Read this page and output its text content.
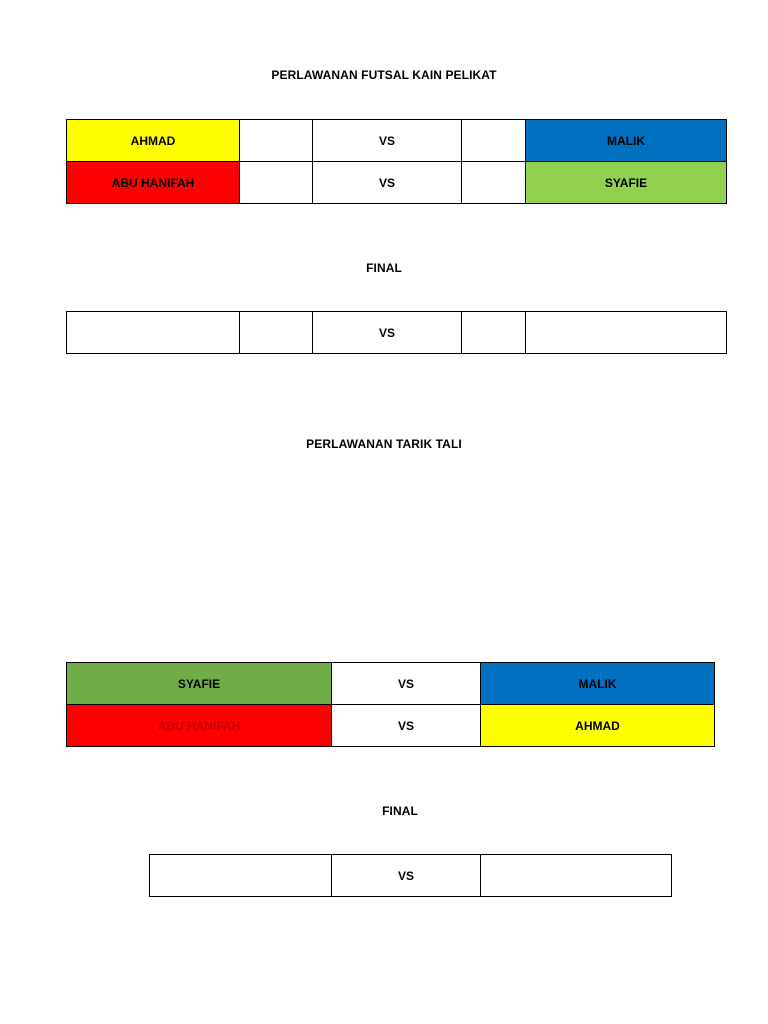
PERLAWANAN FUTSAL KAIN PELIKAT
AHMAD		VS		MALIK
ABU HANIFAH		VS		SYAFIE
FINAL
		VS		
PERLAWANAN TARIK TALI
SYAFIE	VS	MALIK
ABU HANIFAH	VS	AHMAD
FINAL
	VS	
